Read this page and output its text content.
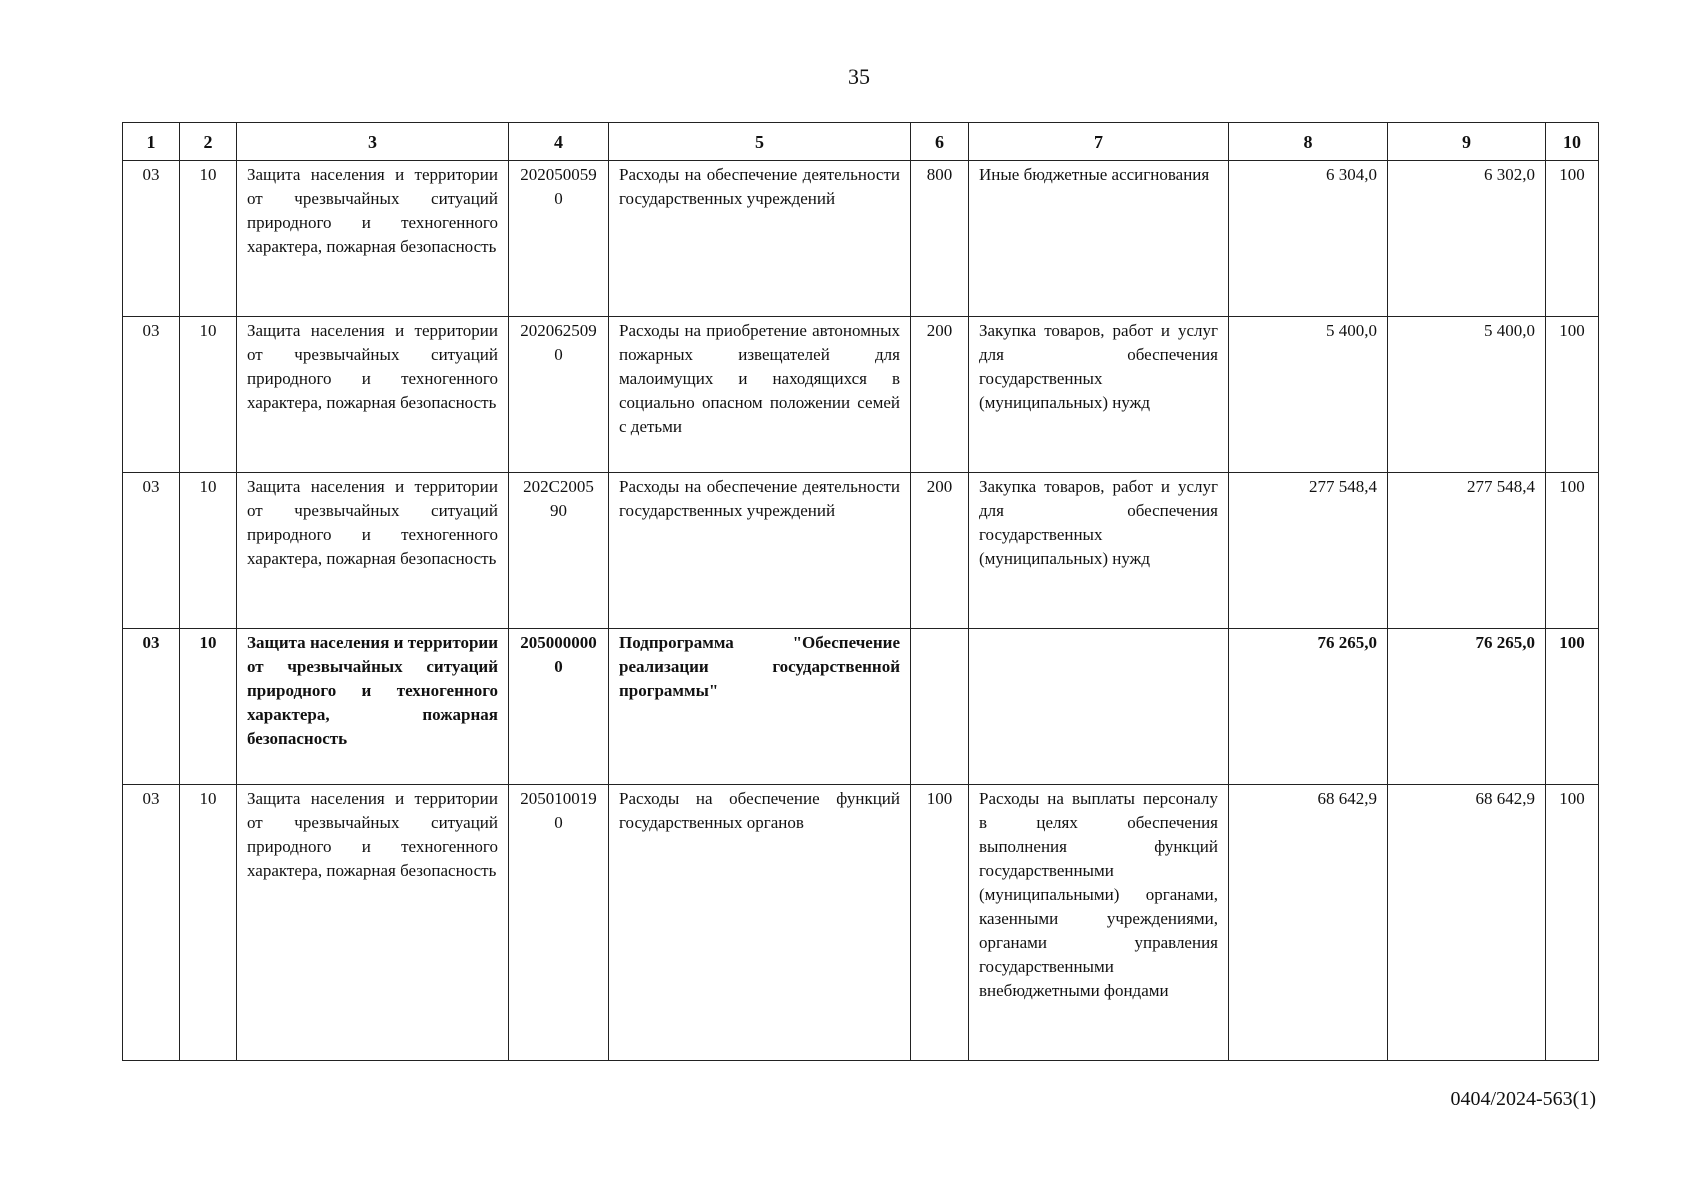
35
1	2	3	4	5	6	7	8	9	10
03	10	Защита населения и территории от чрезвычайных ситуаций природного и техногенного характера, пожарная безопасность	2020500590	Расходы на обеспечение деятельности государственных учреждений	800	Иные бюджетные ассигнования	6 304,0	6 302,0	100
03	10	Защита населения и территории от чрезвычайных ситуаций природного и техногенного характера, пожарная безопасность	2020625090	Расходы на приобретение автономных пожарных извещателей для малоимущих и находящихся в социально опасном положении семей с детьми	200	Закупка товаров, работ и услуг для обеспечения государственных (муниципальных) нужд	5 400,0	5 400,0	100
03	10	Защита населения и территории от чрезвычайных ситуаций природного и техногенного характера, пожарная безопасность	202С200590	Расходы на обеспечение деятельности государственных учреждений	200	Закупка товаров, работ и услуг для обеспечения государственных (муниципальных) нужд	277 548,4	277 548,4	100
03	10	Защита населения и территории от чрезвычайных ситуаций природного и техногенного характера, пожарная безопасность	2050000000	Подпрограмма "Обеспечение реализации государственной программы"			76 265,0	76 265,0	100
03	10	Защита населения и территории от чрезвычайных ситуаций природного и техногенного характера, пожарная безопасность	2050100190	Расходы на обеспечение функций государственных органов	100	Расходы на выплаты персоналу в целях обеспечения выполнения функций государственными (муниципальными) органами, казенными учреждениями, органами управления государственными внебюджетными фондами	68 642,9	68 642,9	100
0404/2024-563(1)
